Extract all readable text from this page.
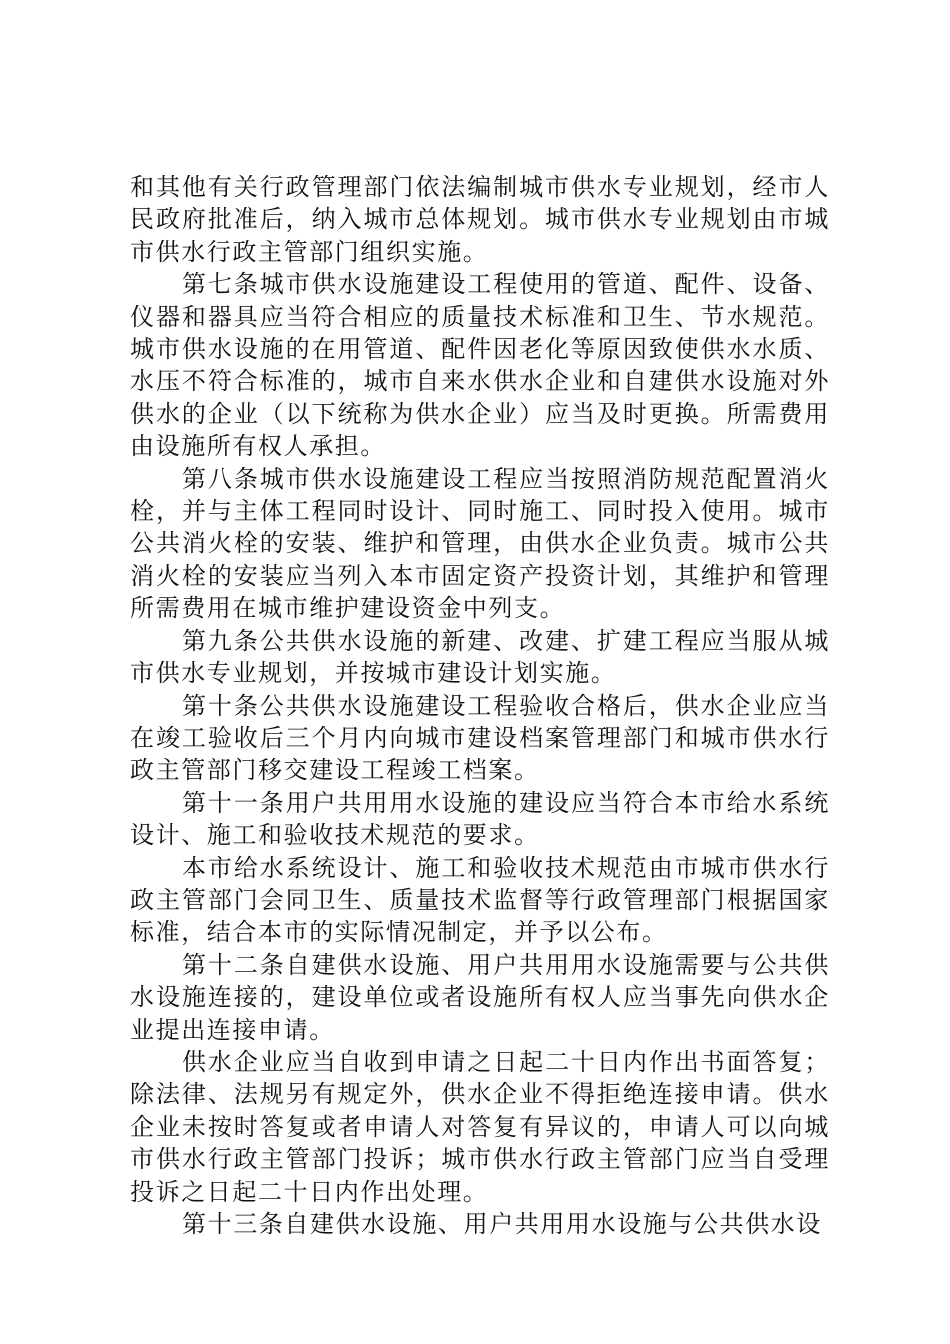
和其他有关行政管理部门依法编制城市供水专业规划，经市人民政府批准后，纳入城市总体规划。城市供水专业规划由市城市供水行政主管部门组织实施。

第七条城市供水设施建设工程使用的管道、配件、设备、仪器和器具应当符合相应的质量技术标准和卫生、节水规范。城市供水设施的在用管道、配件因老化等原因致使供水水质、水压不符合标准的，城市自来水供水企业和自建供水设施对外供水的企业（以下统称为供水企业）应当及时更换。所需费用由设施所有权人承担。

第八条城市供水设施建设工程应当按照消防规范配置消火栓，并与主体工程同时设计、同时施工、同时投入使用。城市公共消火栓的安装、维护和管理，由供水企业负责。城市公共消火栓的安装应当列入本市固定资产投资计划，其维护和管理所需费用在城市维护建设资金中列支。

第九条公共供水设施的新建、改建、扩建工程应当服从城市供水专业规划，并按城市建设计划实施。

第十条公共供水设施建设工程验收合格后，供水企业应当在竣工验收后三个月内向城市建设档案管理部门和城市供水行政主管部门移交建设工程竣工档案。

第十一条用户共用用水设施的建设应当符合本市给水系统设计、施工和验收技术规范的要求。

本市给水系统设计、施工和验收技术规范由市城市供水行政主管部门会同卫生、质量技术监督等行政管理部门根据国家标准，结合本市的实际情况制定，并予以公布。

第十二条自建供水设施、用户共用用水设施需要与公共供水设施连接的，建设单位或者设施所有权人应当事先向供水企业提出连接申请。

供水企业应当自收到申请之日起二十日内作出书面答复；除法律、法规另有规定外，供水企业不得拒绝连接申请。供水企业未按时答复或者申请人对答复有异议的，申请人可以向城市供水行政主管部门投诉；城市供水行政主管部门应当自受理投诉之日起二十日内作出处理。

第十三条自建供水设施、用户共用用水设施与公共供水设
